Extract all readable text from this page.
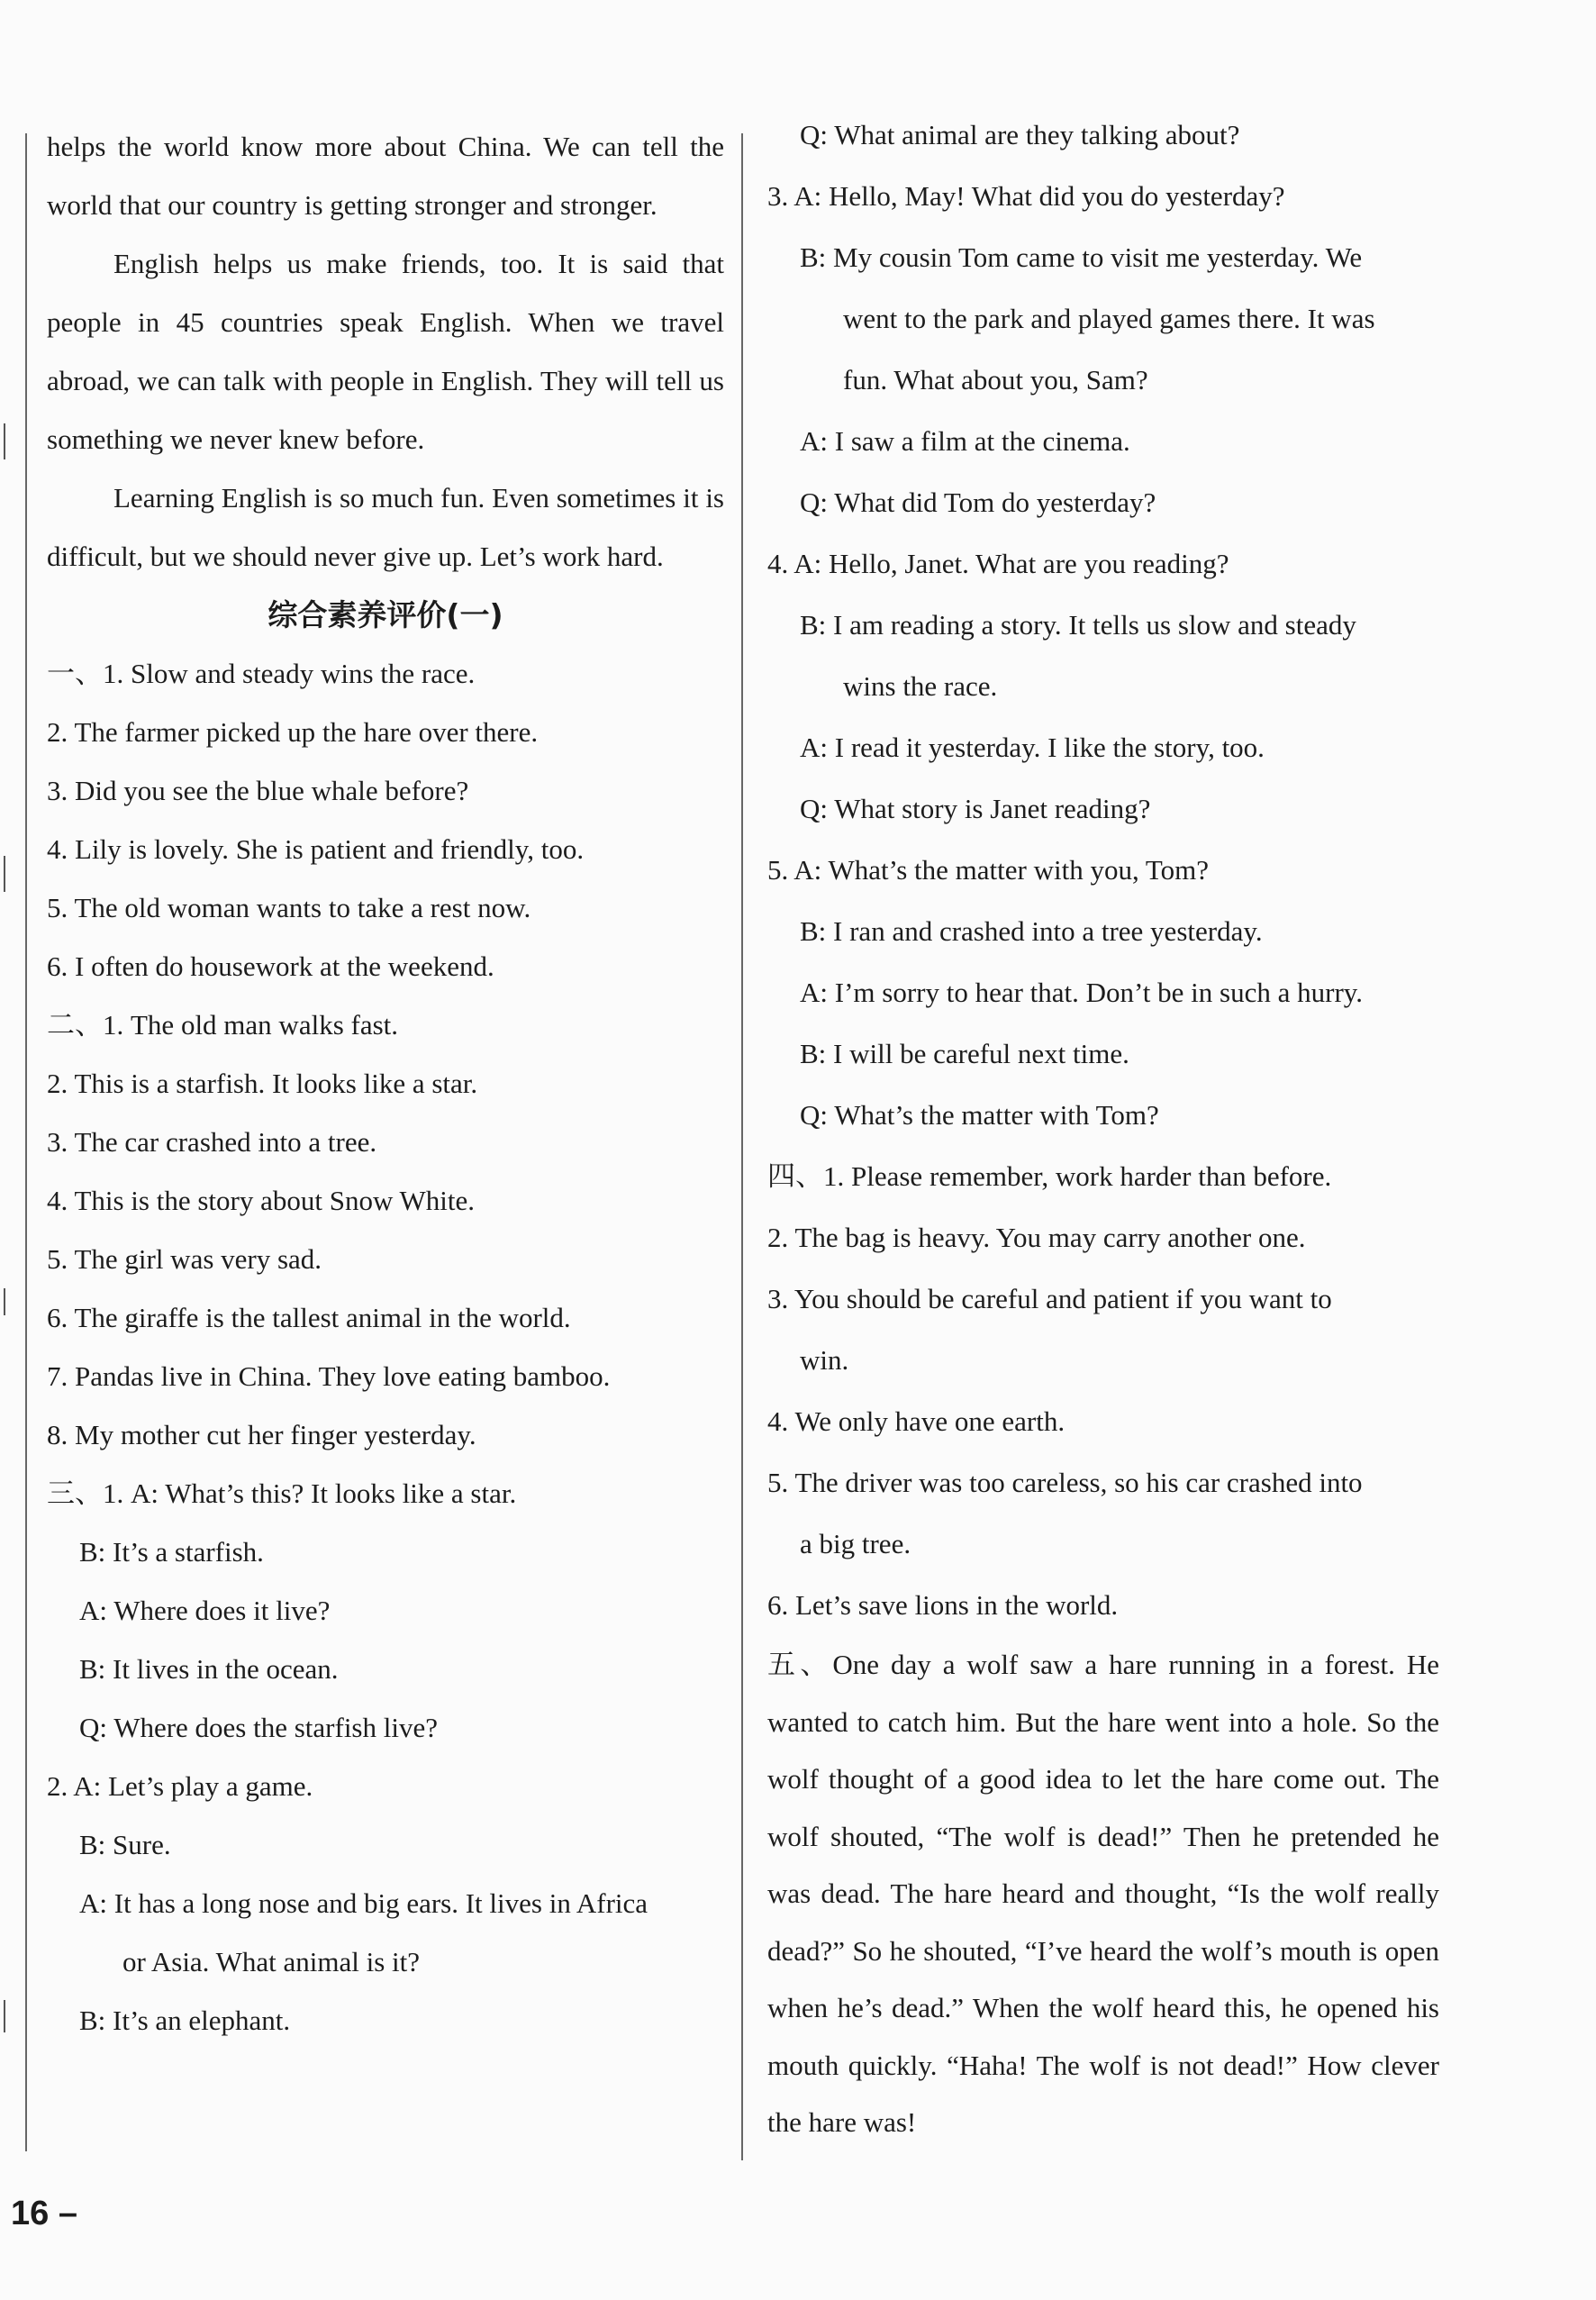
helps the world know more about China. We can tell the world that our country is getting stronger and stronger.

English helps us make friends, too. It is said that people in 45 countries speak English. When we travel abroad, we can talk with people in English. They will tell us something we never knew before.

Learning English is so much fun. Even sometimes it is difficult, but we should never give up. Let’s work hard.

综合素养评价(一)

一、1. Slow and steady wins the race.

2. The farmer picked up the hare over there.

3. Did you see the blue whale before?

4. Lily is lovely. She is patient and friendly, too.

5. The old woman wants to take a rest now.

6. I often do housework at the weekend.

二、1. The old man walks fast.

2. This is a starfish. It looks like a star.

3. The car crashed into a tree.

4. This is the story about Snow White.

5. The girl was very sad.

6. The giraffe is the tallest animal in the world.

7. Pandas live in China. They love eating bamboo.

8. My mother cut her finger yesterday.

三、1. A: What’s this? It looks like a star.

B: It’s a starfish.

A: Where does it live?

B: It lives in the ocean.

Q: Where does the starfish live?

2. A: Let’s play a game.

B: Sure.

A: It has a long nose and big ears. It lives in Africa

or Asia. What animal is it?

B: It’s an elephant.

Q: What animal are they talking about?

3. A: Hello, May! What did you do yesterday?

B: My cousin Tom came to visit me yesterday. We

went to the park and played games there. It was

fun. What about you, Sam?

A: I saw a film at the cinema.

Q: What did Tom do yesterday?

4. A: Hello, Janet. What are you reading?

B: I am reading a story. It tells us slow and steady

wins the race.

A: I read it yesterday. I like the story, too.

Q: What story is Janet reading?

5. A: What’s the matter with you, Tom?

B: I ran and crashed into a tree yesterday.

A: I’m sorry to hear that. Don’t be in such a hurry.

B: I will be careful next time.

Q: What’s the matter with Tom?

四、1. Please remember, work harder than before.

2. The bag is heavy. You may carry another one.

3. You should be careful and patient if you want to

win.

4. We only have one earth.

5. The driver was too careless, so his car crashed into

a big tree.

6. Let’s save lions in the world.

五、One day a wolf saw a hare running in a forest. He wanted to catch him. But the hare went into a hole. So the wolf thought of a good idea to let the hare come out. The wolf shouted, “The wolf is dead!” Then he pretended he was dead. The hare heard and thought, “Is the wolf really dead?” So he shouted, “I’ve heard the wolf’s mouth is open when he’s dead.” When the wolf heard this, he opened his mouth quickly. “Haha! The wolf is not dead!” How clever the hare was!

16 –
